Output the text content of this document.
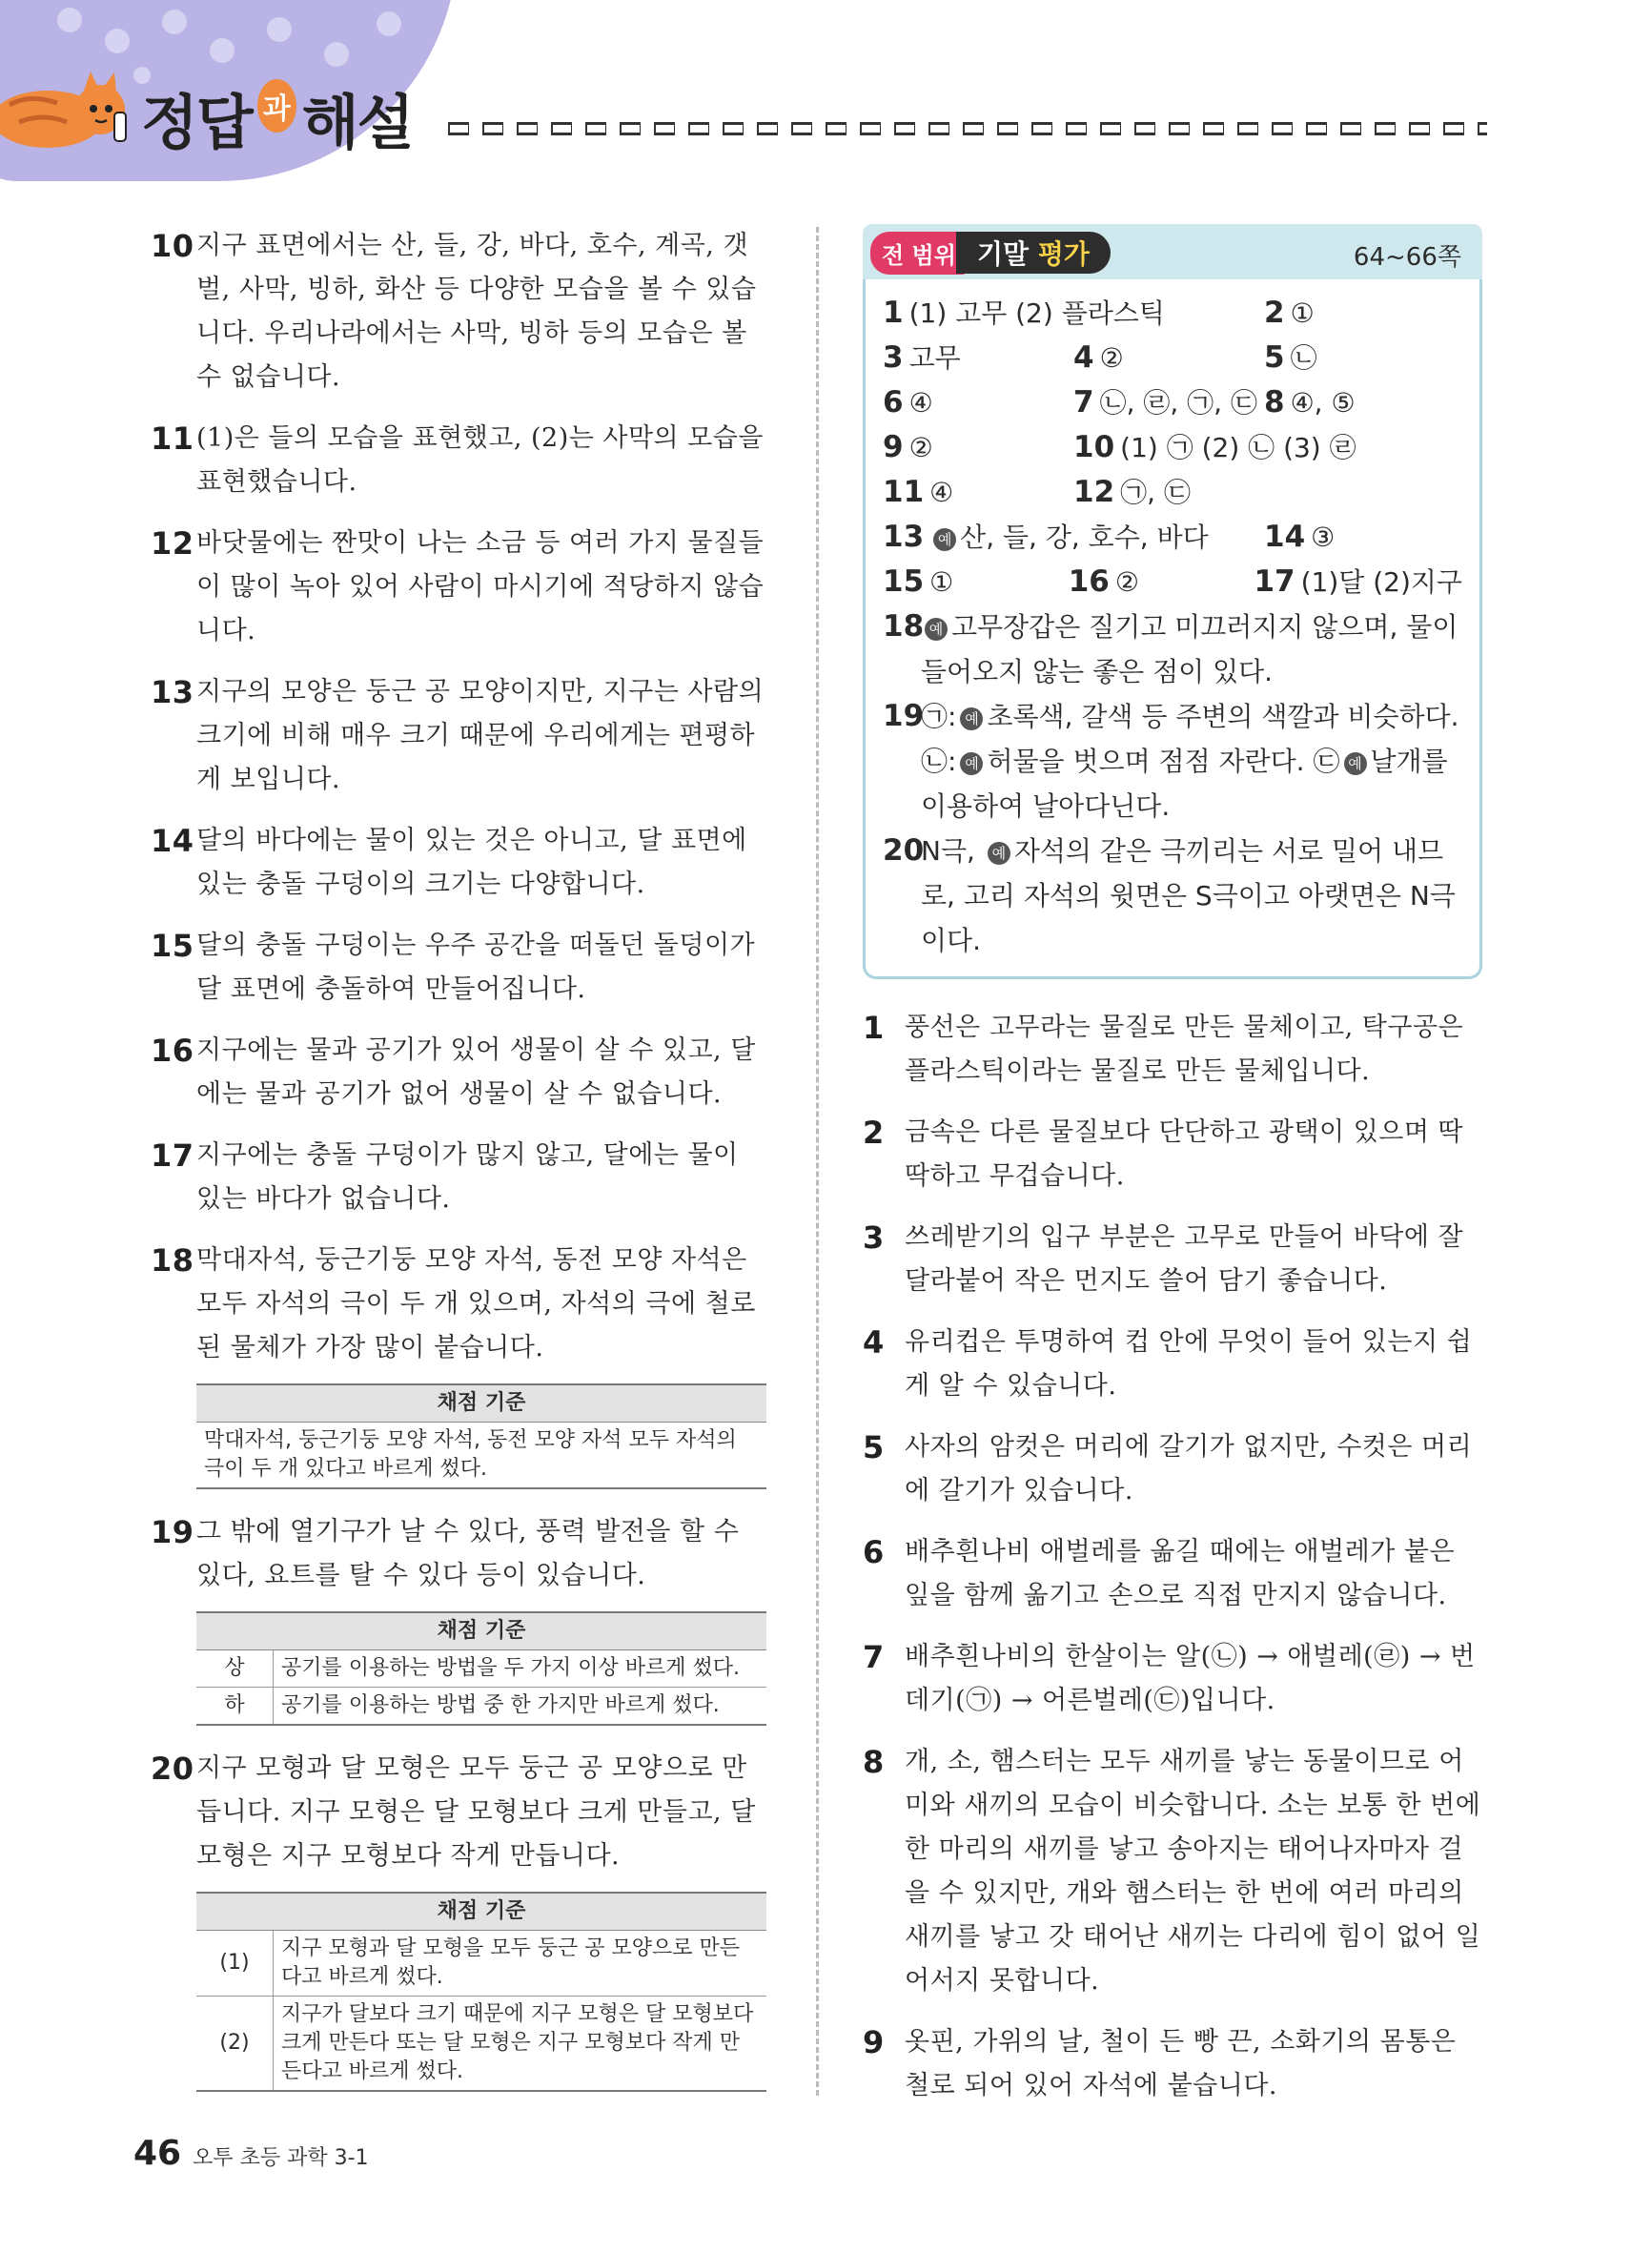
정답 과 해설
10 지구 표면에서는 산, 들, 강, 바다, 호수, 계곡, 갯벌, 사막, 빙하, 화산 등 다양한 모습을 볼 수 있습니다. 우리나라에서는 사막, 빙하 등의 모습은 볼 수 없습니다.
11 (1)은 들의 모습을 표현했고, (2)는 사막의 모습을 표현했습니다.
12 바닷물에는 짠맛이 나는 소금 등 여러 가지 물질들이 많이 녹아 있어 사람이 마시기에 적당하지 않습니다.
13 지구의 모양은 둥근 공 모양이지만, 지구는 사람의 크기에 비해 매우 크기 때문에 우리에게는 편평하게 보입니다.
14 달의 바다에는 물이 있는 것은 아니고, 달 표면에 있는 충돌 구덩이의 크기는 다양합니다.
15 달의 충돌 구덩이는 우주 공간을 떠돌던 돌덩이가 달 표면에 충돌하여 만들어집니다.
16 지구에는 물과 공기가 있어 생물이 살 수 있고, 달에는 물과 공기가 없어 생물이 살 수 없습니다.
17 지구에는 충돌 구덩이가 많지 않고, 달에는 물이 있는 바다가 없습니다.
18 막대자석, 둥근기둥 모양 자석, 동전 모양 자석은 모두 자석의 극이 두 개 있으며, 자석의 극에 철로 된 물체가 가장 많이 붙습니다.
채점 기준
막대자석, 둥근기둥 모양 자석, 동전 모양 자석 모두 자석의 극이 두 개 있다고 바르게 썼다.
19 그 밖에 열기구가 날 수 있다, 풍력 발전을 할 수 있다, 요트를 탈 수 있다 등이 있습니다.
채점 기준	
상	공기를 이용하는 방법을 두 가지 이상 바르게 썼다.
하	공기를 이용하는 방법 중 한 가지만 바르게 썼다.
20 지구 모형과 달 모형은 모두 둥근 공 모양으로 만듭니다. 지구 모형은 달 모형보다 크게 만들고, 달 모형은 지구 모형보다 작게 만듭니다.
채점 기준	
(1)	지구 모형과 달 모형을 모두 둥근 공 모양으로 만든다고 바르게 썼다.
(2)	지구가 달보다 크기 때문에 지구 모형은 달 모형보다 크게 만든다 또는 달 모형은 지구 모형보다 작게 만든다고 바르게 썼다.
전 범위 기말 평가	64~66쪽
1 (1) 고무 (2) 플라스틱	2 ①
3 고무	4 ②	5 ㉡
6 ④	7 ㉡, ㉣, ㉠, ㉢ 8 ④, ⑤
9 ②	10 (1) ㉠ (2) ㉡ (3) ㉣
11 ④	12 ㉠, ㉢
13 예 산, 들, 강, 호수, 바다	14 ③
15 ①	16 ②	17 (1)달 (2)지구
18 예 고무장갑은 질기고 미끄러지지 않으며, 물이 들어오지 않는 좋은 점이 있다.
19
㉠: 예 초록색, 갈색 등 주변의 색깔과 비슷하다. ㉡: 예 허물을 벗으며 점점 자란다. ㉢ 예 날개를 이용하여 날아다닌다.
20
N극, 예 자석의 같은 극끼리는 서로 밀어 내므로, 고리 자석의 윗면은 S극이고 아랫면은 N극이다.
1 풍선은 고무라는 물질로 만든 물체이고, 탁구공은 플라스틱이라는 물질로 만든 물체입니다.
2 금속은 다른 물질보다 단단하고 광택이 있으며 딱딱하고 무겁습니다.
3 쓰레받기의 입구 부분은 고무로 만들어 바닥에 잘 달라붙어 작은 먼지도 쓸어 담기 좋습니다.
4 유리컵은 투명하여 컵 안에 무엇이 들어 있는지 쉽게 알 수 있습니다.
5 사자의 암컷은 머리에 갈기가 없지만, 수컷은 머리에 갈기가 있습니다.
6 배추흰나비 애벌레를 옮길 때에는 애벌레가 붙은 잎을 함께 옮기고 손으로 직접 만지지 않습니다.
7 배추흰나비의 한살이는 알(㉡) → 애벌레(㉣) → 번데기(㉠) → 어른벌레(㉢)입니다.
8 개, 소, 햄스터는 모두 새끼를 낳는 동물이므로 어미와 새끼의 모습이 비슷합니다. 소는 보통 한 번에 한 마리의 새끼를 낳고 송아지는 태어나자마자 걸을 수 있지만, 개와 햄스터는 한 번에 여러 마리의 새끼를 낳고 갓 태어난 새끼는 다리에 힘이 없어 일어서지 못합니다.
9 옷핀, 가위의 날, 철이 든 빵 끈, 소화기의 몸통은 철로 되어 있어 자석에 붙습니다.
46 오투 초등 과학 3-1
